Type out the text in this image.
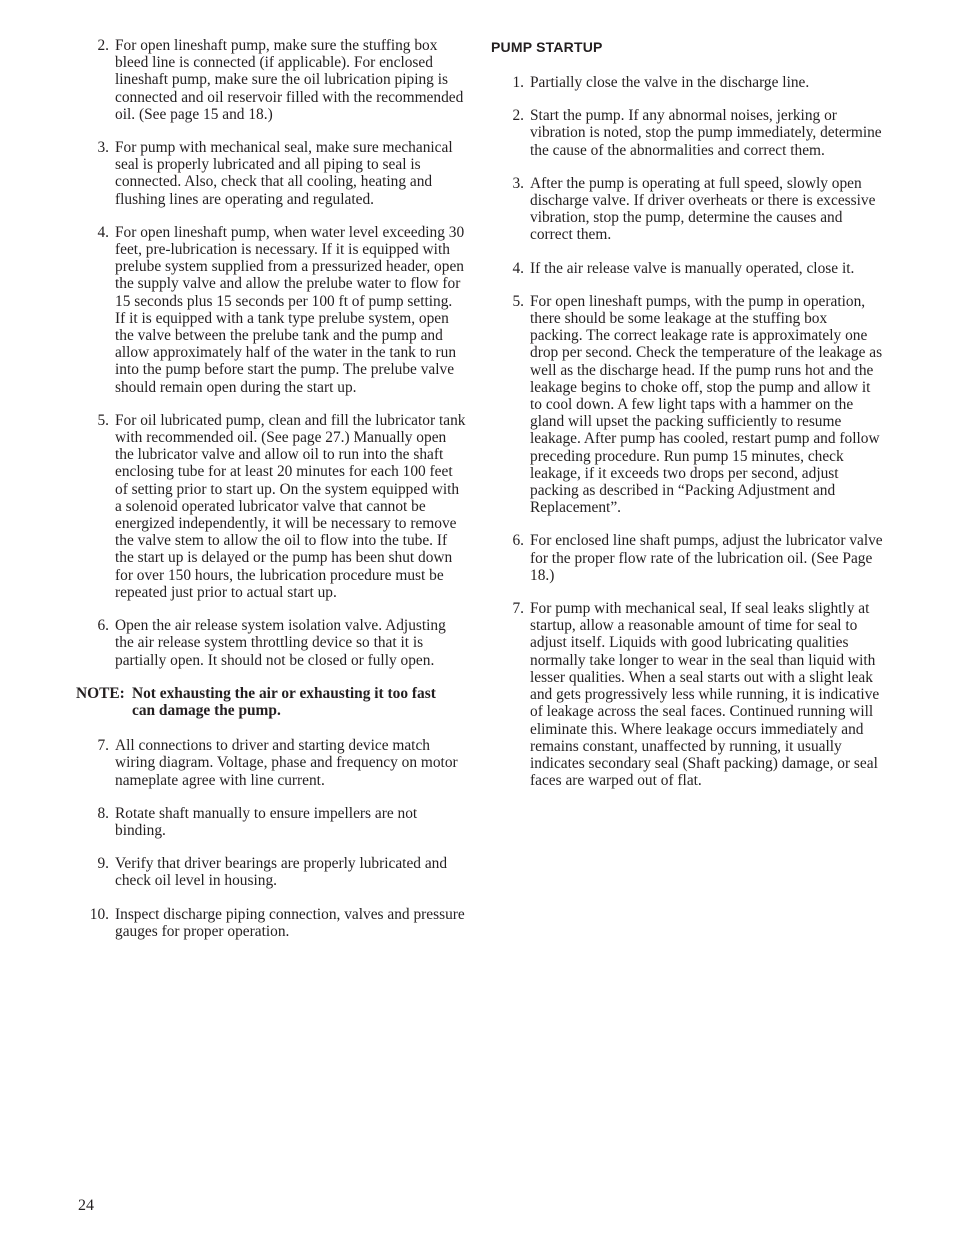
2. For open lineshaft pump, make sure the stuffing box bleed line is connected (if applicable). For enclosed lineshaft pump, make sure the oil lubrication piping is connected and oil reservoir filled with the recommended oil. (See page 15 and 18.)
3. For pump with mechanical seal, make sure mechanical seal is properly lubricated and all piping to seal is connected. Also, check that all cooling, heating and flushing lines are operating and regulated.
4. For open lineshaft pump, when water level exceeding 30 feet, pre-lubrication is necessary. If it is equipped with prelube system supplied from a pressurized header, open the supply valve and allow the prelube water to flow for 15 seconds plus 15 seconds per 100 ft of pump setting. If it is equipped with a tank type prelube system, open the valve between the prelube tank and the pump and allow approximately half of the water in the tank to run into the pump before start the pump. The prelube valve should remain open during the start up.
5. For oil lubricated pump, clean and fill the lubricator tank with recommended oil. (See page 27.) Manually open the lubricator valve and allow oil to run into the shaft enclosing tube for at least 20 minutes for each 100 feet of setting prior to start up. On the system equipped with a solenoid operated lubricator valve that cannot be energized independently, it will be necessary to remove the valve stem to allow the oil to flow into the tube. If the start up is delayed or the pump has been shut down for over 150 hours, the lubrication procedure must be repeated just prior to actual start up.
6. Open the air release system isolation valve. Adjusting the air release system throttling device so that it is partially open. It should not be closed or fully open.
NOTE: Not exhausting the air or exhausting it too fast
can damage the pump.
7. All connections to driver and starting device match wiring diagram. Voltage, phase and frequency on motor nameplate agree with line current.
8. Rotate shaft manually to ensure impellers are not binding.
9. Verify that driver bearings are properly lubricated and check oil level in housing.
10. Inspect discharge piping connection, valves and pressure gauges for proper operation.
PUMP STARTUP
1. Partially close the valve in the discharge line.
2. Start the pump. If any abnormal noises, jerking or vibration is noted, stop the pump immediately, determine the cause of the abnormalities and correct them.
3. After the pump is operating at full speed, slowly open discharge valve. If driver overheats or there is excessive vibration, stop the pump, determine the causes and correct them.
4. If the air release valve is manually operated, close it.
5. For open lineshaft pumps, with the pump in operation, there should be some leakage at the stuffing box packing. The correct leakage rate is approximately one drop per second. Check the temperature of the leakage as well as the discharge head. If the pump runs hot and the leakage begins to choke off, stop the pump and allow it to cool down. A few light taps with a hammer on the gland will upset the packing sufficiently to resume leakage. After pump has cooled, restart pump and follow preceding procedure. Run pump 15 minutes, check leakage, if it exceeds two drops per second, adjust packing as described in “Packing Adjustment and Replacement”.
6. For enclosed line shaft pumps, adjust the lubricator valve for the proper flow rate of the lubrication oil. (See Page 18.)
7. For pump with mechanical seal, If seal leaks slightly at startup, allow a reasonable amount of time for seal to adjust itself. Liquids with good lubricating qualities normally take longer to wear in the seal than liquid with lesser qualities. When a seal starts out with a slight leak and gets progressively less while running, it is indicative of leakage across the seal faces. Continued running will eliminate this. Where leakage occurs immediately and remains constant, unaffected by running, it usually indicates secondary seal (Shaft packing) damage, or seal faces are warped out of flat.
24
